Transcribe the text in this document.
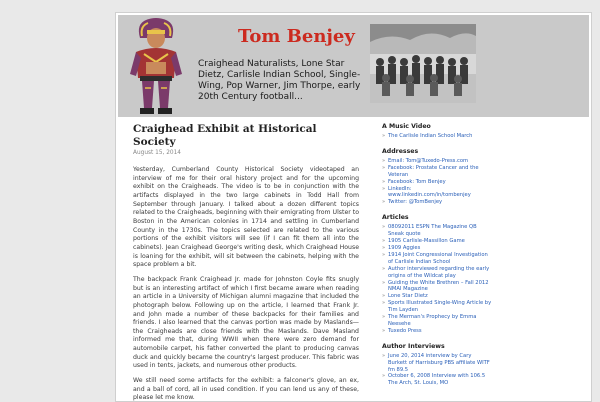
Tom Benjey
Craighead Naturalists, Lone Star Dietz, Carlisle Indian School, Single-Wing, Pop Warner, Jim Thorpe, early 20th Century football...
Craighead Exhibit at Historical Society
August 15, 2014

Yesterday, Cumberland County Historical Society videotaped an interview of me for their oral history project and for the upcoming exhibit on the Craigheads. The video is to be in conjunction with the artifacts displayed in the two large cabinets in Todd Hall from September through January. I talked about a dozen different topics related to the Craigheads, beginning with their emigrating from Ulster to Boston in the American colonies in 1714 and settling in Cumberland County in the 1730s. The topics selected are related to the various portions of the exhibit visitors will see (if I can fit them all into the cabinets). Jean Craighead George's writing desk, which Craighead House is loaning for the exhibit, will sit between the cabinets, helping with the space problem a bit.

The backpack Frank Craighead Jr. made for Johnston Coyle fits snugly but is an interesting artifact of which I first became aware when reading an article in a University of Michigan alumni magazine that included the photograph below. Following up on the article, I learned that Frank Jr. and John made a number of these backpacks for their families and friends. I also learned that the canvas portion was made by Maslands—the Craigheads are close friends with the Maslands. Dave Masland informed me that, during WWII when there were zero demand for automobile carpet, his father converted the plant to producing canvas duck and quickly became the country's largest producer. This fabric was used in tents, jackets, and numerous other products.

We still need some artifacts for the exhibit: a falconer's glove, an ex, and a ball of cord, all in used condition. If you can lend us any of these, please let me know.

A Music Video
» The Carlisle Indian School March
Addresses
» Email: Tom@Tuxedo-Press.com
» Facebook: Prostate Cancer and the Veteran
» Facebook: Tom Benjey
» LinkedIn: www.linkedin.com/in/tombenjey
» Twitter: @TomBenjey
Articles
» 08092011 ESPN The Magazine QB Sneak quote
» 1905 Carlisle-Massillon Game
» 1909 Aggies
» 1914 Joint Congressional Investigation of Carlisle Indian School
» Author interviewed regarding the early origins of the Wildcat play
» Guiding the White Brethren – Fall 2012 NMAI Magazine
» Lone Star Dietz
» Sports Illustrated Single-Wing Article by Tim Layden
» The Merman's Prophecy by Emma Neesehe
» Tuxedo Press
Author Interviews
» June 20, 2014 interview by Cary Burkett of Harrisburg PBS affiliate WITF fm 89.5
» October 6, 2008 Interview with 106.5 The Arch, St. Louis, MO
